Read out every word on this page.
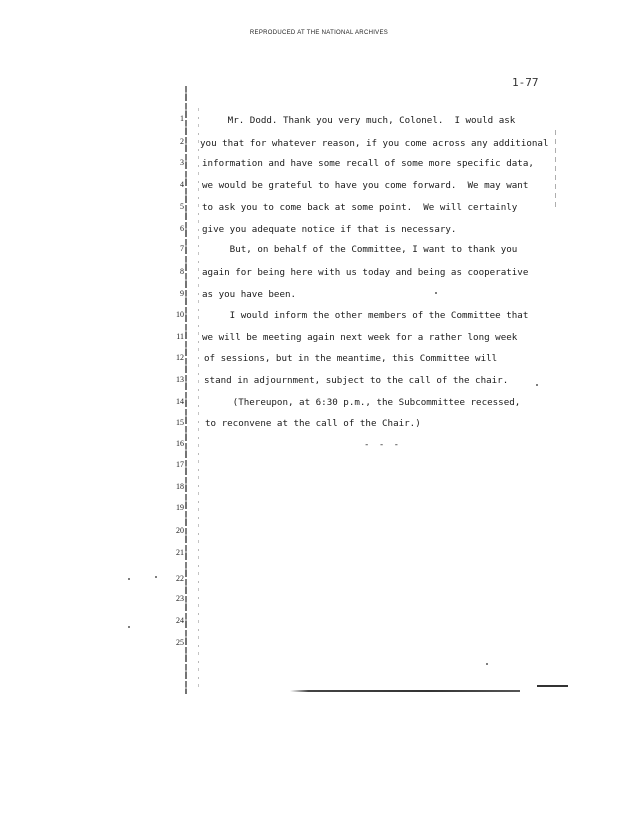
REPRODUCED AT THE NATIONAL ARCHIVES
1-77
1
2
3
4
5
6
7
8
9
10
11
12
13
14
15
16
17
18
19
20
21
22
23
24
25
Mr. Dodd. Thank you very much, Colonel.  I would ask
you that for whatever reason, if you come across any additional
information and have some recall of some more specific data,
we would be grateful to have you come forward.  We may want
to ask you to come back at some point.  We will certainly
give you adequate notice if that is necessary.
But, on behalf of the Committee, I want to thank you
again for being here with us today and being as cooperative
as you have been.
I would inform the other members of the Committee that
we will be meeting again next week for a rather long week
of sessions, but in the meantime, this Committee will
stand in adjournment, subject to the call of the chair.
(Thereupon, at 6:30 p.m., the Subcommittee recessed,
to reconvene at the call of the Chair.)
- - -
